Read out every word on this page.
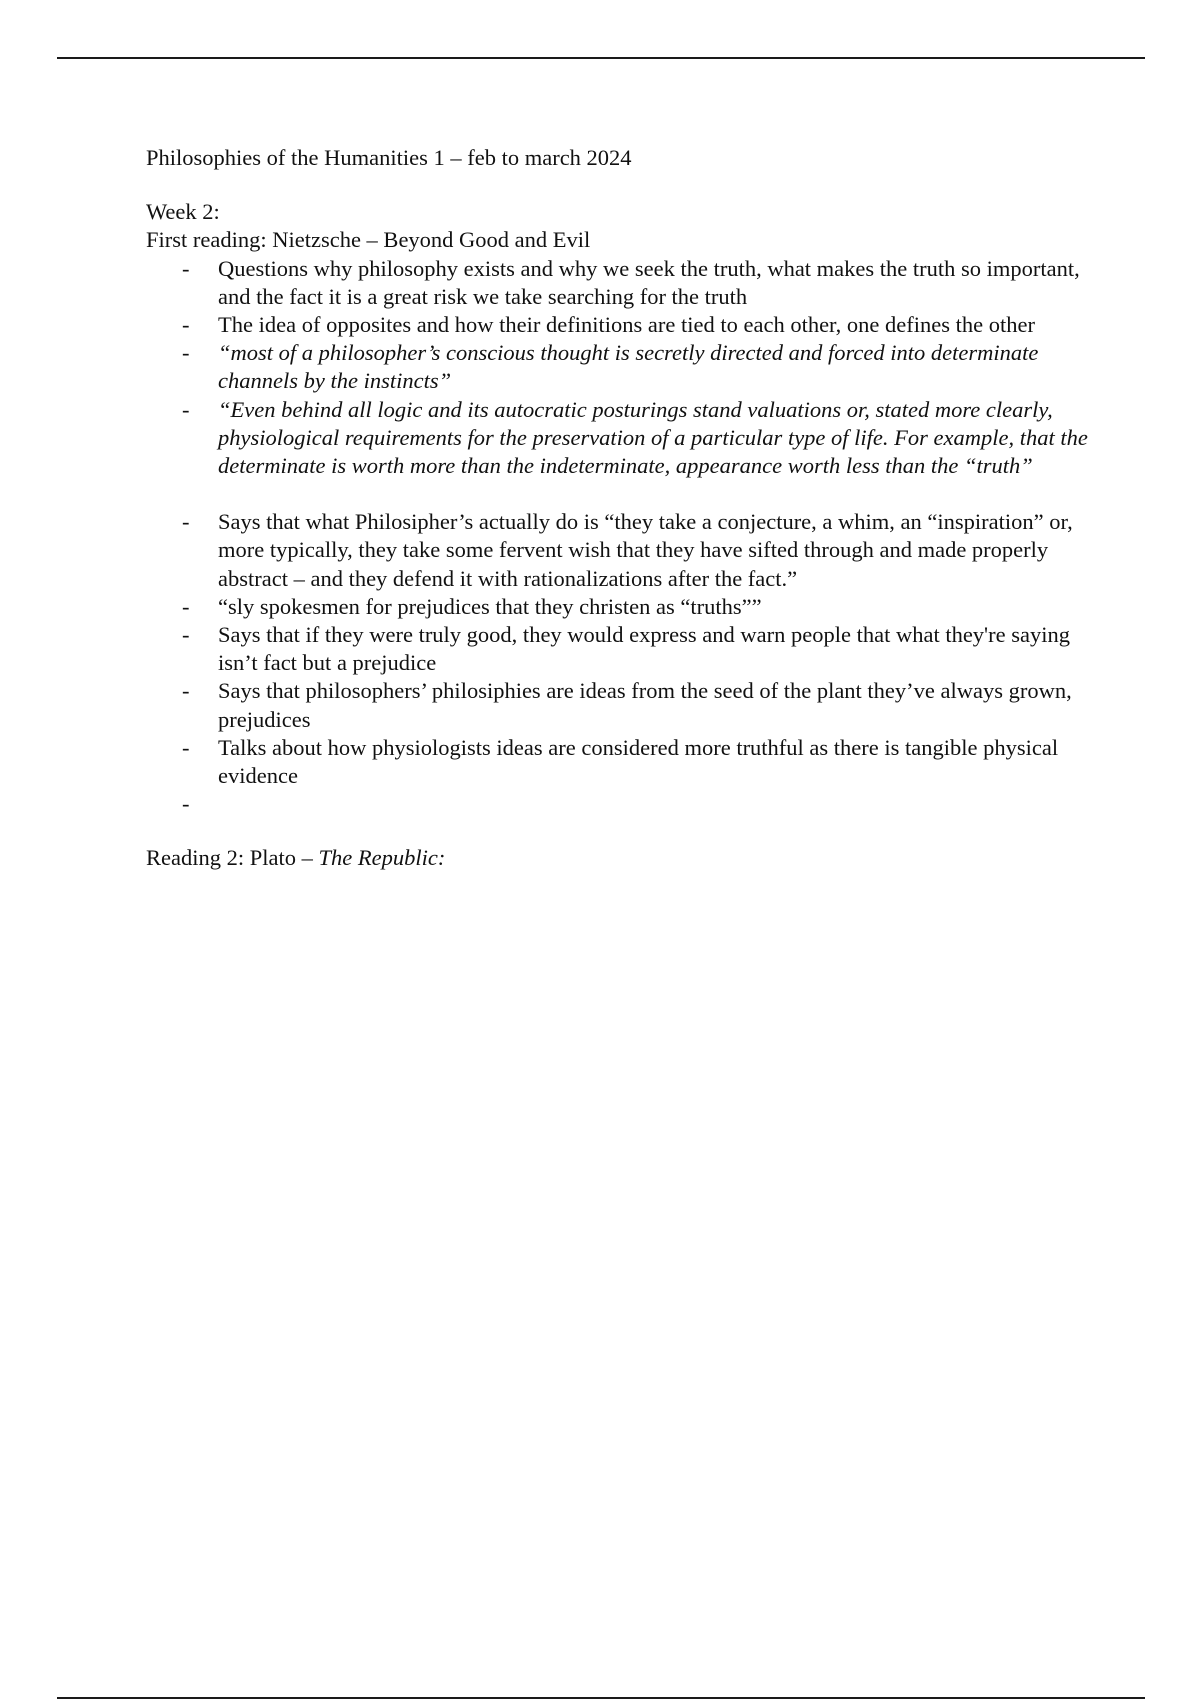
Philosophies of the Humanities 1 – feb to march 2024

Week 2:

First reading: Nietzsche – Beyond Good and Evil

- Questions why philosophy exists and why we seek the truth, what makes the truth so important, and the fact it is a great risk we take searching for the truth
- The idea of opposites and how their definitions are tied to each other, one defines the other
- “most of a philosopher’s conscious thought is secretly directed and forced into determinate channels by the instincts”
- “Even behind all logic and its autocratic posturings stand valuations or, stated more clearly, physiological requirements for the preservation of a particular type of life. For example, that the determinate is worth more than the indeterminate, appearance worth less than the “truth”
- Says that what Philosipher’s actually do is “they take a conjecture, a whim, an “inspiration” or, more typically, they take some fervent wish that they have sifted through and made properly abstract – and they defend it with rationalizations after the fact.”
- “sly spokesmen for prejudices that they christen as “truths””
- Says that if they were truly good, they would express and warn people that what they're saying isn’t fact but a prejudice
- Says that philosophers’ philosiphies are ideas from the seed of the plant they’ve always grown, prejudices
- Talks about how physiologists ideas are considered more truthful as there is tangible physical evidence
-

Reading 2: Plato – The Republic:
